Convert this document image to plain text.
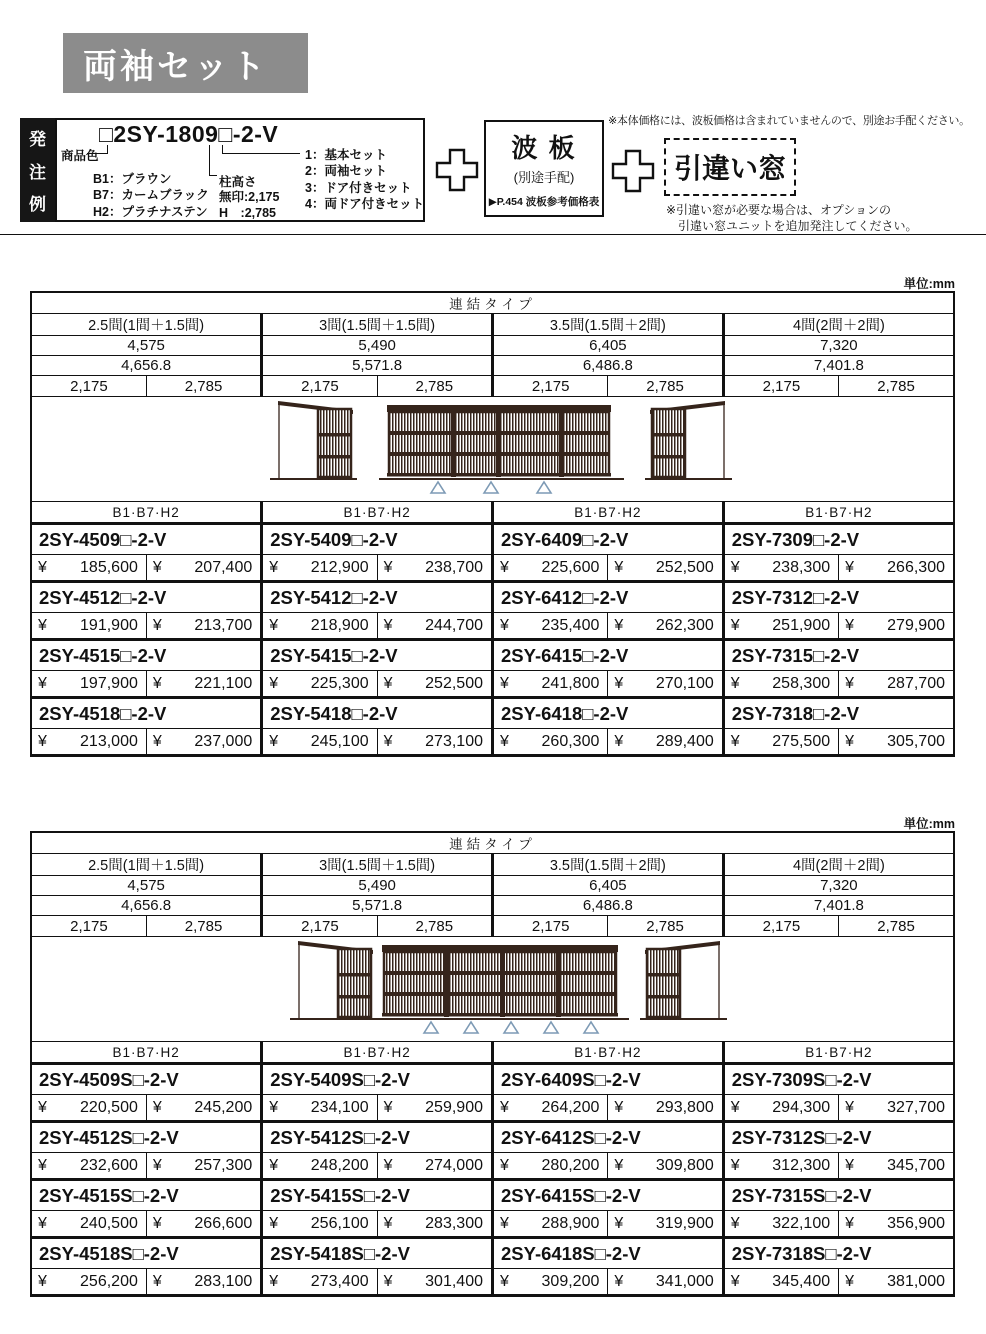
両袖セット
発
注
例
□2SY-1809□-2-V
商品色
B1：ブラウン
B7：カームブラック
H2：プラチナステン
柱高さ
無印:2,175
H　:2,785
1：基本セット
2：両袖セット
3：ドア付きセット
4：両ドア付きセット
波 板
(別途手配)
▶P.454 波板参考価格表
引違い窓
※本体価格には、波板価格は含まれていませんので、別途お手配ください。
※引違い窓が必要な場合は、オプションの
引違い窓ユニットを追加発注してください。
単位:mm
連結タイプ							
2.5間(1間＋1.5間)		3間(1.5間＋1.5間)		3.5間(1.5間＋2間)		4間(2間＋2間)	
4,575		5,490		6,405		7,320	
4,656.8		5,571.8		6,486.8		7,401.8	
2,175	2,785	2,175	2,785	2,175	2,785	2,175	2,785

B1·B7·H2		B1·B7·H2		B1·B7·H2		B1·B7·H2	
2SY-4509□-2-V		2SY-5409□-2-V		2SY-6409□-2-V		2SY-7309□-2-V	

¥ 185,600	¥ 207,400	¥ 212,900	¥ 238,700	¥ 225,600	¥ 252,500	¥ 238,300	¥ 266,300

2SY-4512□-2-V		2SY-5412□-2-V		2SY-6412□-2-V		2SY-7312□-2-V	

¥ 191,900	¥ 213,700	¥ 218,900	¥ 244,700	¥ 235,400	¥ 262,300	¥ 251,900	¥ 279,900

2SY-4515□-2-V		2SY-5415□-2-V		2SY-6415□-2-V		2SY-7315□-2-V	

¥ 197,900	¥ 221,100	¥ 225,300	¥ 252,500	¥ 241,800	¥ 270,100	¥ 258,300	¥ 287,700

2SY-4518□-2-V		2SY-5418□-2-V		2SY-6418□-2-V		2SY-7318□-2-V	

¥ 213,000	¥ 237,000	¥ 245,100	¥ 273,100	¥ 260,300	¥ 289,400	¥ 275,500	¥ 305,700
単位:mm
連結タイプ							
2.5間(1間＋1.5間)		3間(1.5間＋1.5間)		3.5間(1.5間＋2間)		4間(2間＋2間)	
4,575		5,490		6,405		7,320	
4,656.8		5,571.8		6,486.8		7,401.8	
2,175	2,785	2,175	2,785	2,175	2,785	2,175	2,785

B1·B7·H2		B1·B7·H2		B1·B7·H2		B1·B7·H2	
2SY-4509S□-2-V		2SY-5409S□-2-V		2SY-6409S□-2-V		2SY-7309S□-2-V	

¥ 220,500	¥ 245,200	¥ 234,100	¥ 259,900	¥ 264,200	¥ 293,800	¥ 294,300	¥ 327,700

2SY-4512S□-2-V		2SY-5412S□-2-V		2SY-6412S□-2-V		2SY-7312S□-2-V	

¥ 232,600	¥ 257,300	¥ 248,200	¥ 274,000	¥ 280,200	¥ 309,800	¥ 312,300	¥ 345,700

2SY-4515S□-2-V		2SY-5415S□-2-V		2SY-6415S□-2-V		2SY-7315S□-2-V	

¥ 240,500	¥ 266,600	¥ 256,100	¥ 283,300	¥ 288,900	¥ 319,900	¥ 322,100	¥ 356,900

2SY-4518S□-2-V		2SY-5418S□-2-V		2SY-6418S□-2-V		2SY-7318S□-2-V	

¥ 256,200	¥ 283,100	¥ 273,400	¥ 301,400	¥ 309,200	¥ 341,000	¥ 345,400	¥ 381,000
